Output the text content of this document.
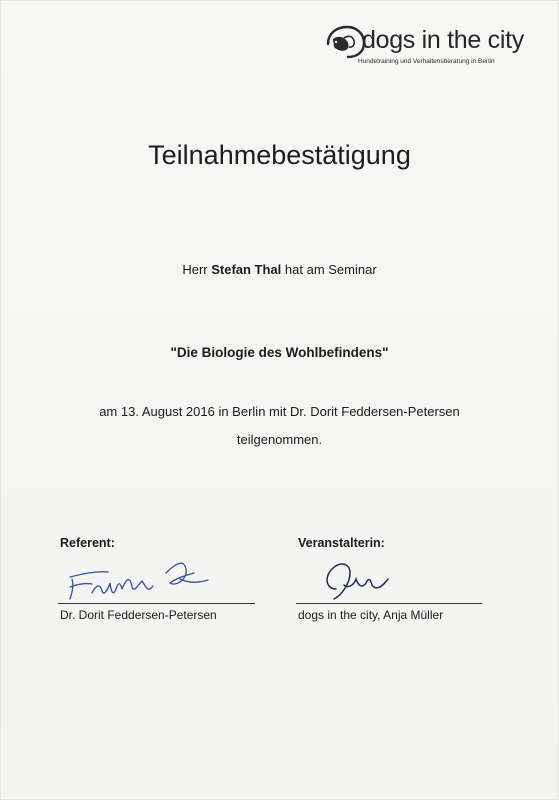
dogs in the city
Hundetraining und Verhaltensberatung in Berlin
Teilnahmebestätigung
Herr Stefan Thal hat am Seminar
"Die Biologie des Wohlbefindens"
am 13. August 2016 in Berlin mit Dr. Dorit Feddersen-Petersen
teilgenommen.
Referent:	Veranstalterin:
Dr. Dorit Feddersen-Petersen	dogs in the city, Anja Müller
